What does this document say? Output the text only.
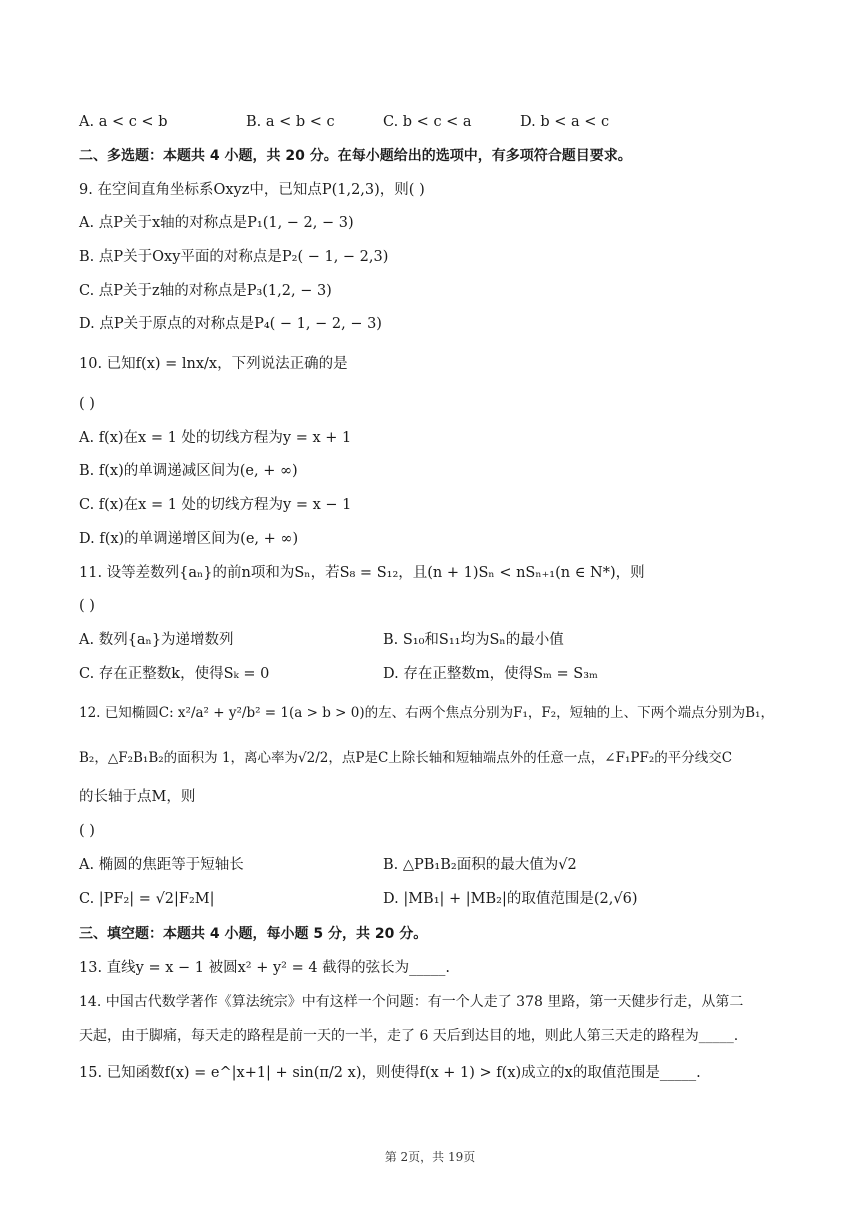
A. a < c < b	B. a < b < c	C. b < c < a	D. b < a < c
二、多选题：本题共 4 小题，共 20 分。在每小题给出的选项中，有多项符合题目要求。
9. 在空间直角坐标系Oxyz中，已知点P(1,2,3)，则( )
A. 点P关于x轴的对称点是P₁(1, − 2, − 3)
B. 点P关于Oxy平面的对称点是P₂( − 1, − 2,3)
C. 点P关于z轴的对称点是P₃(1,2, − 3)
D. 点P关于原点的对称点是P₄( − 1, − 2, − 3)
10. 已知f(x) = lnx/x，下列说法正确的是
( )
A. f(x)在x = 1 处的切线方程为y = x + 1
B. f(x)的单调递减区间为(e, + ∞)
C. f(x)在x = 1 处的切线方程为y = x − 1
D. f(x)的单调递增区间为(e, + ∞)
11. 设等差数列{aₙ}的前n项和为Sₙ，若S₈ = S₁₂，且(n + 1)Sₙ < nSₙ₊₁(n ∈ N*)，则
( )
A. 数列{aₙ}为递增数列	B. S₁₀和S₁₁均为Sₙ的最小值
C. 存在正整数k，使得Sₖ = 0	D. 存在正整数m，使得Sₘ = S₃ₘ
12. 已知椭圆C: x²/a² + y²/b² = 1(a > b > 0)的左、右两个焦点分别为F₁，F₂，短轴的上、下两个端点分别为B₁，
B₂，△F₂B₁B₂的面积为 1，离心率为√2/2，点P是C上除长轴和短轴端点外的任意一点，∠F₁PF₂的平分线交C
的长轴于点M，则
( )
A. 椭圆的焦距等于短轴长	B. △PB₁B₂面积的最大值为√2
C. |PF₂| = √2|F₂M|	D. |MB₁| + |MB₂|的取值范围是(2,√6)
三、填空题：本题共 4 小题，每小题 5 分，共 20 分。
13. 直线y = x − 1 被圆x² + y² = 4 截得的弦长为_____.
14. 中国古代数学著作《算法统宗》中有这样一个问题：有一个人走了 378 里路，第一天健步行走，从第二
天起，由于脚痛，每天走的路程是前一天的一半，走了 6 天后到达目的地，则此人第三天走的路程为_____.
15. 已知函数f(x) = e^|x+1| + sin(π/2 x)，则使得f(x + 1) > f(x)成立的x的取值范围是_____.
第 2页，共 19页
